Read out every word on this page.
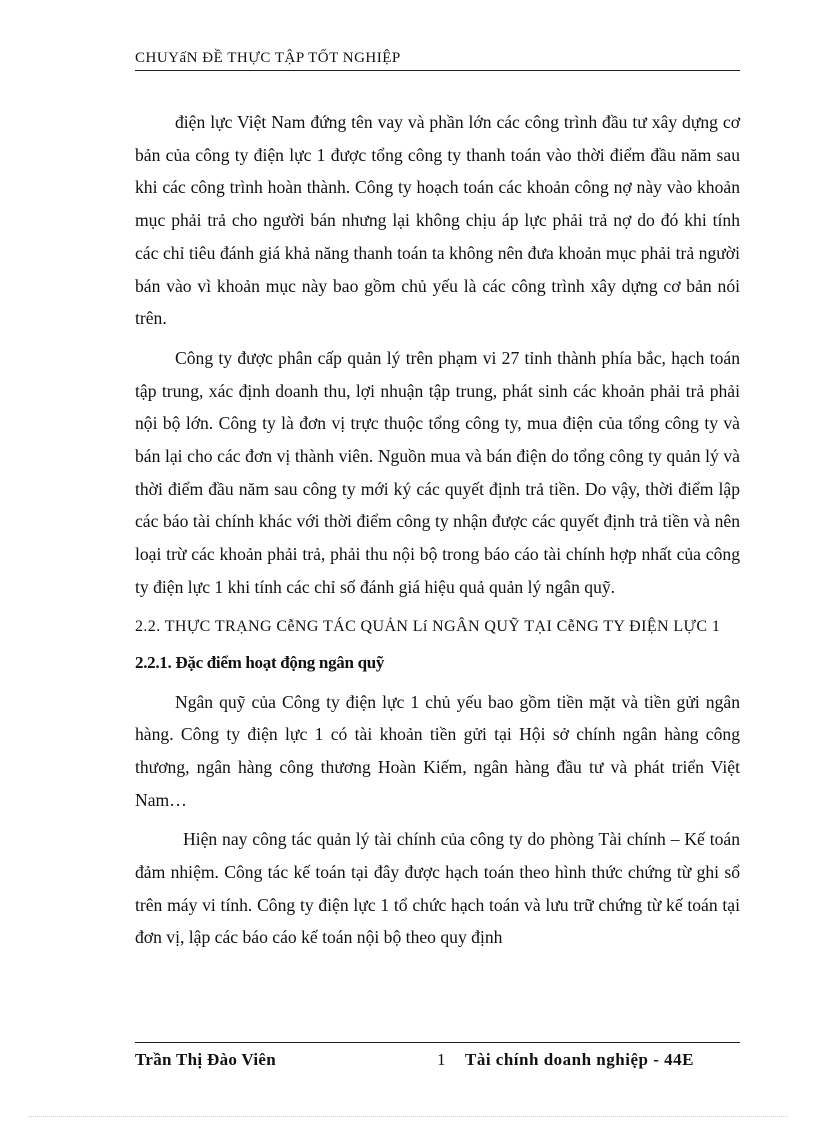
CHUYấN ĐỀ THỰC TẬP TỐT NGHIỆP

điện lực Việt Nam đứng tên vay và phần lớn các công trình đầu tư xây dựng cơ bản của công ty điện lực 1 được tổng công ty thanh toán vào thời điểm đầu năm sau khi các công trình hoàn thành. Công ty hoạch toán các khoản công nợ này vào khoản mục phải trả cho người bán nhưng lại không chịu áp lực phải trả nợ do đó khi tính các chỉ tiêu đánh giá khả năng thanh toán ta không nên đưa khoản mục phải trả người bán vào vì khoản mục này bao gồm chủ yếu là các công trình xây dựng cơ bản nói trên.

Công ty được phân cấp quản lý trên phạm vi 27 tỉnh thành phía bắc, hạch toán tập trung, xác định doanh thu, lợi nhuận tập trung, phát sinh các khoản phải trả phải nội bộ lớn. Công ty là đơn vị trực thuộc tổng công ty, mua điện của tổng công ty và bán lại cho các đơn vị thành viên. Nguồn mua và bán điện do tổng công ty quản lý và thời điểm đầu năm sau công ty mới ký các quyết định trả tiền. Do vậy, thời điểm lập các báo tài chính khác với thời điểm công ty nhận được các quyết định trả tiền và nên loại trừ các khoản phải trả, phải thu nội bộ trong báo cáo tài chính hợp nhất của công ty điện lực 1 khi tính các chỉ số đánh giá hiệu quả quản lý ngân quỹ.

2.2. THỰC TRẠNG CễNG TÁC QUẢN Lí NGÂN QUỸ TẠI CễNG TY ĐIỆN LỰC 1

2.2.1. Đặc điểm hoạt động ngân quỹ

Ngân quỹ của Công ty điện lực 1 chủ yếu bao gồm tiền mặt và tiền gửi ngân hàng. Công ty điện lực 1 có tài khoản tiền gửi tại Hội sở chính ngân hàng công thương, ngân hàng công thương Hoàn Kiếm, ngân hàng đầu tư và phát triển Việt Nam…

Hiện nay công tác quản lý tài chính của công ty do phòng Tài chính – Kế toán đảm nhiệm. Công tác kế toán tại đây được hạch toán theo hình thức chứng từ ghi sổ trên máy vi tính. Công ty điện lực 1 tổ chức hạch toán và lưu trữ chứng từ kế toán tại đơn vị, lập các báo cáo kế toán nội bộ theo quy định

Trần Thị Đào Viên	1 Tài chính doanh nghiệp - 44E
